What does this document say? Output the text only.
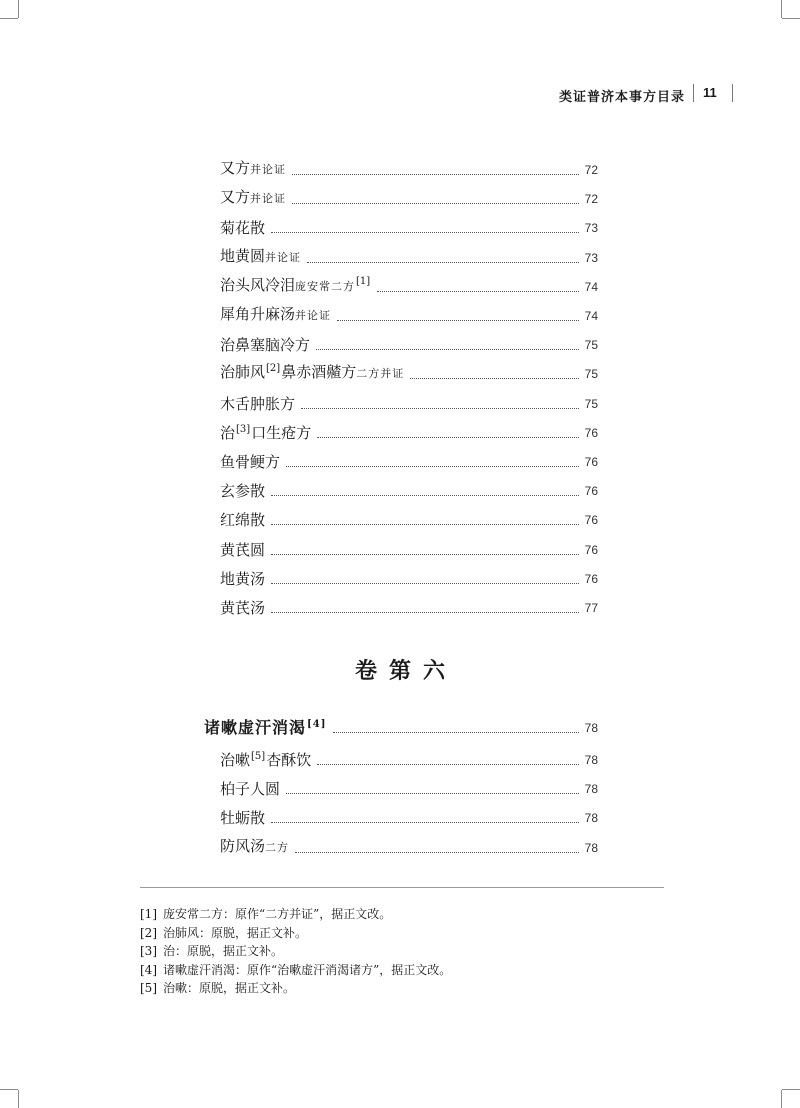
类证普济本事方目录 11
又方并论证	72
又方并论证	72
菊花散	73
地黄圆并论证	73
治头风冷泪庞安常二方[1]	74
犀角升麻汤并论证	74
治鼻塞脑冷方	75
治肺风[2]鼻赤酒齄方二方并证	75
木舌肿胀方	75
治[3]口生疮方	76
鱼骨鲠方	76
玄参散	76
红绵散	76
黄芪圆	76
地黄汤	76
黄芪汤	77
卷第六
诸嗽虚汗消渴[4]	78
治嗽[5]杏酥饮	78
柏子人圆	78
牡蛎散	78
防风汤二方	78
[1] 庞安常二方：原作“二方并证”，据正文改。
[2] 治肺风：原脱，据正文补。
[3] 治：原脱，据正文补。
[4] 诸嗽虚汗消渴：原作“治嗽虚汗消渴诸方”，据正文改。
[5] 治嗽：原脱，据正文补。
